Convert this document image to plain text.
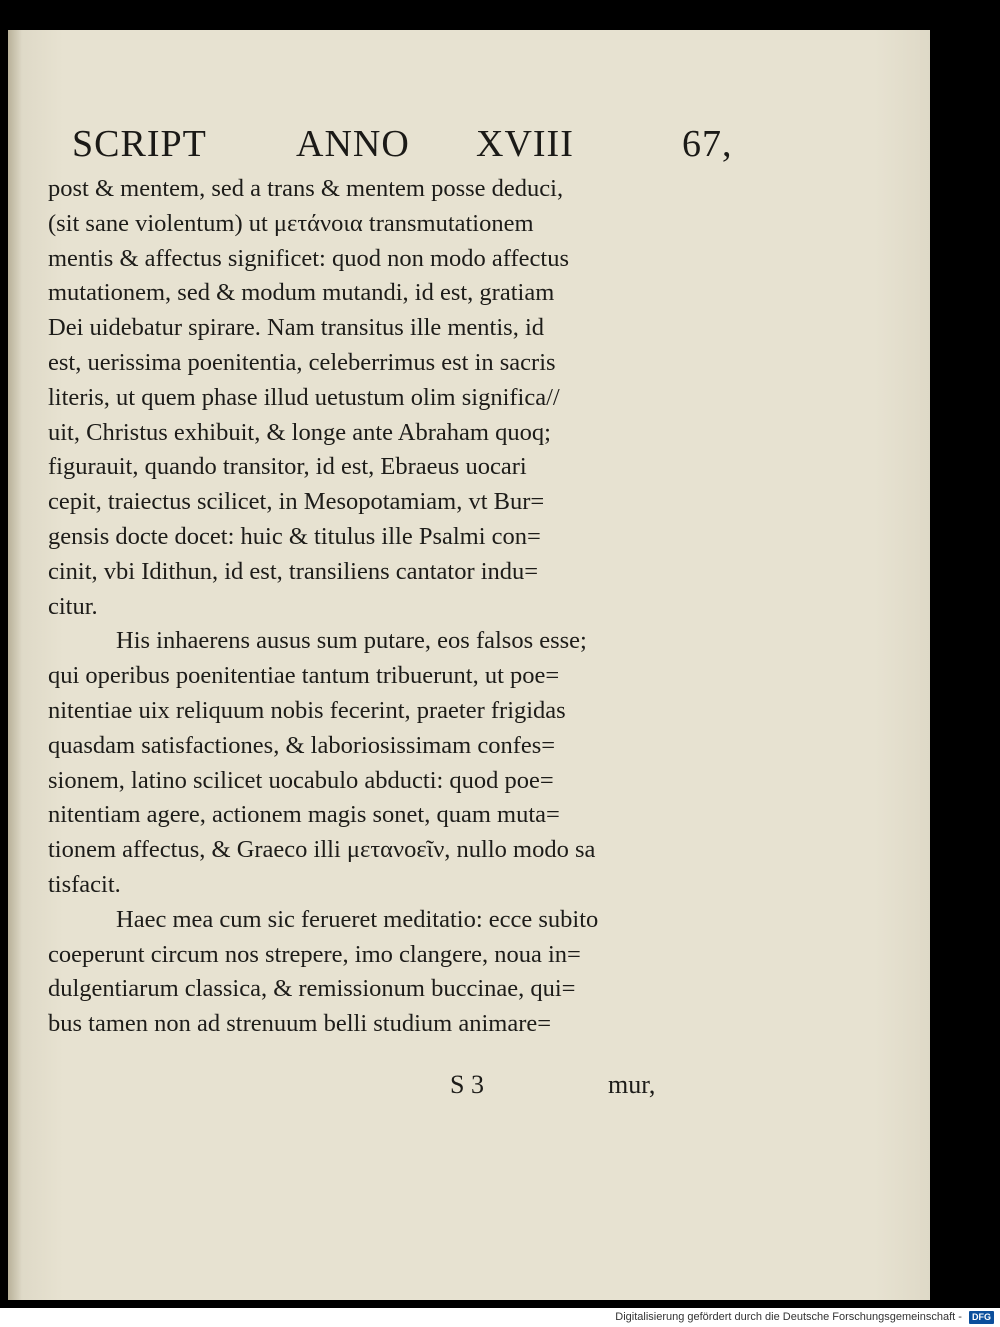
SCRIPT ANNO XVIII	67,
post & mentem, sed a trans & mentem posse deduci,
(sit sane violentum) ut μετάνοια transmutationem
mentis & affectus significet: quod non modo affectus
mutationem, sed & modum mutandi, id est, gratiam
Dei uidebatur spirare. Nam transitus ille mentis, id
est, uerissima poenitentia, celeberrimus est in sacris
literis, ut quem phase illud uetustum olim significa//
uit, Christus exhibuit, & longe ante Abraham quoq;
figurauit, quando transitor, id est, Ebraeus uocari
cepit, traiectus scilicet, in Mesopotamiam, vt Bur=
gensis docte docet: huic & titulus ille Psalmi con=
cinit, vbi Idithun, id est, transiliens cantator indu=
citur.
His inhaerens ausus sum putare, eos falsos esse;
qui operibus poenitentiae tantum tribuerunt, ut poe=
nitentiae uix reliquum nobis fecerint, praeter frigidas
quasdam satisfactiones, & laboriosissimam confes=
sionem, latino scilicet uocabulo abducti: quod poe=
nitentiam agere, actionem magis sonet, quam muta=
tionem affectus, & Graeco illi μετανοεῖν, nullo modo sa
tisfacit.
Haec mea cum sic ferueret meditatio: ecce subito
coeperunt circum nos strepere, imo clangere, noua in=
dulgentiarum classica, & remissionum buccinae, qui=
bus tamen non ad strenuum belli studium animare=
S 3	mur,
Digitalisierung gefördert durch die Deutsche Forschungsgemeinschaft - DFG
